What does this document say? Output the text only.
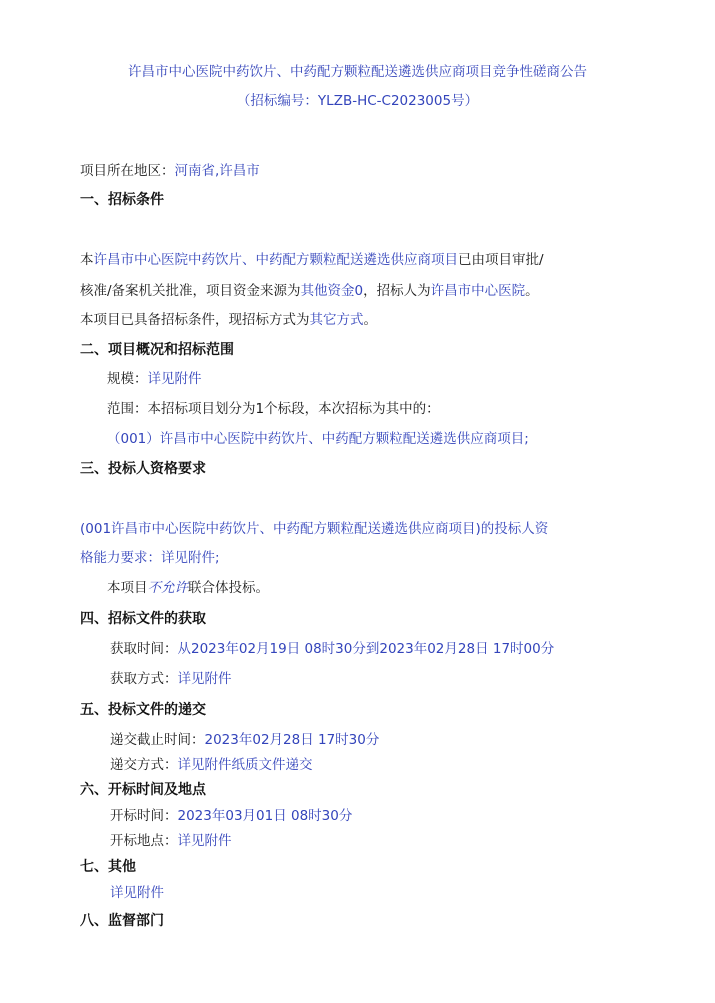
许昌市中心医院中药饮片、中药配方颗粒配送遴选供应商项目竞争性磋商公告
（招标编号：YLZB-HC-C2023005号）
项目所在地区：河南省,许昌市
一、招标条件
本许昌市中心医院中药饮片、中药配方颗粒配送遴选供应商项目已由项目审批/
核准/备案机关批准，项目资金来源为其他资金0，招标人为许昌市中心医院。
本项目已具备招标条件，现招标方式为其它方式。
二、项目概况和招标范围
规模：详见附件
范围：本招标项目划分为1个标段，本次招标为其中的：
（001）许昌市中心医院中药饮片、中药配方颗粒配送遴选供应商项目;
三、投标人资格要求
(001许昌市中心医院中药饮片、中药配方颗粒配送遴选供应商项目)的投标人资
格能力要求：详见附件;
本项目不允许联合体投标。
四、招标文件的获取
获取时间：从2023年02月19日 08时30分到2023年02月28日 17时00分
获取方式：详见附件
五、投标文件的递交
递交截止时间：2023年02月28日 17时30分
递交方式：详见附件纸质文件递交
六、开标时间及地点
开标时间：2023年03月01日 08时30分
开标地点：详见附件
七、其他
详见附件
八、监督部门
